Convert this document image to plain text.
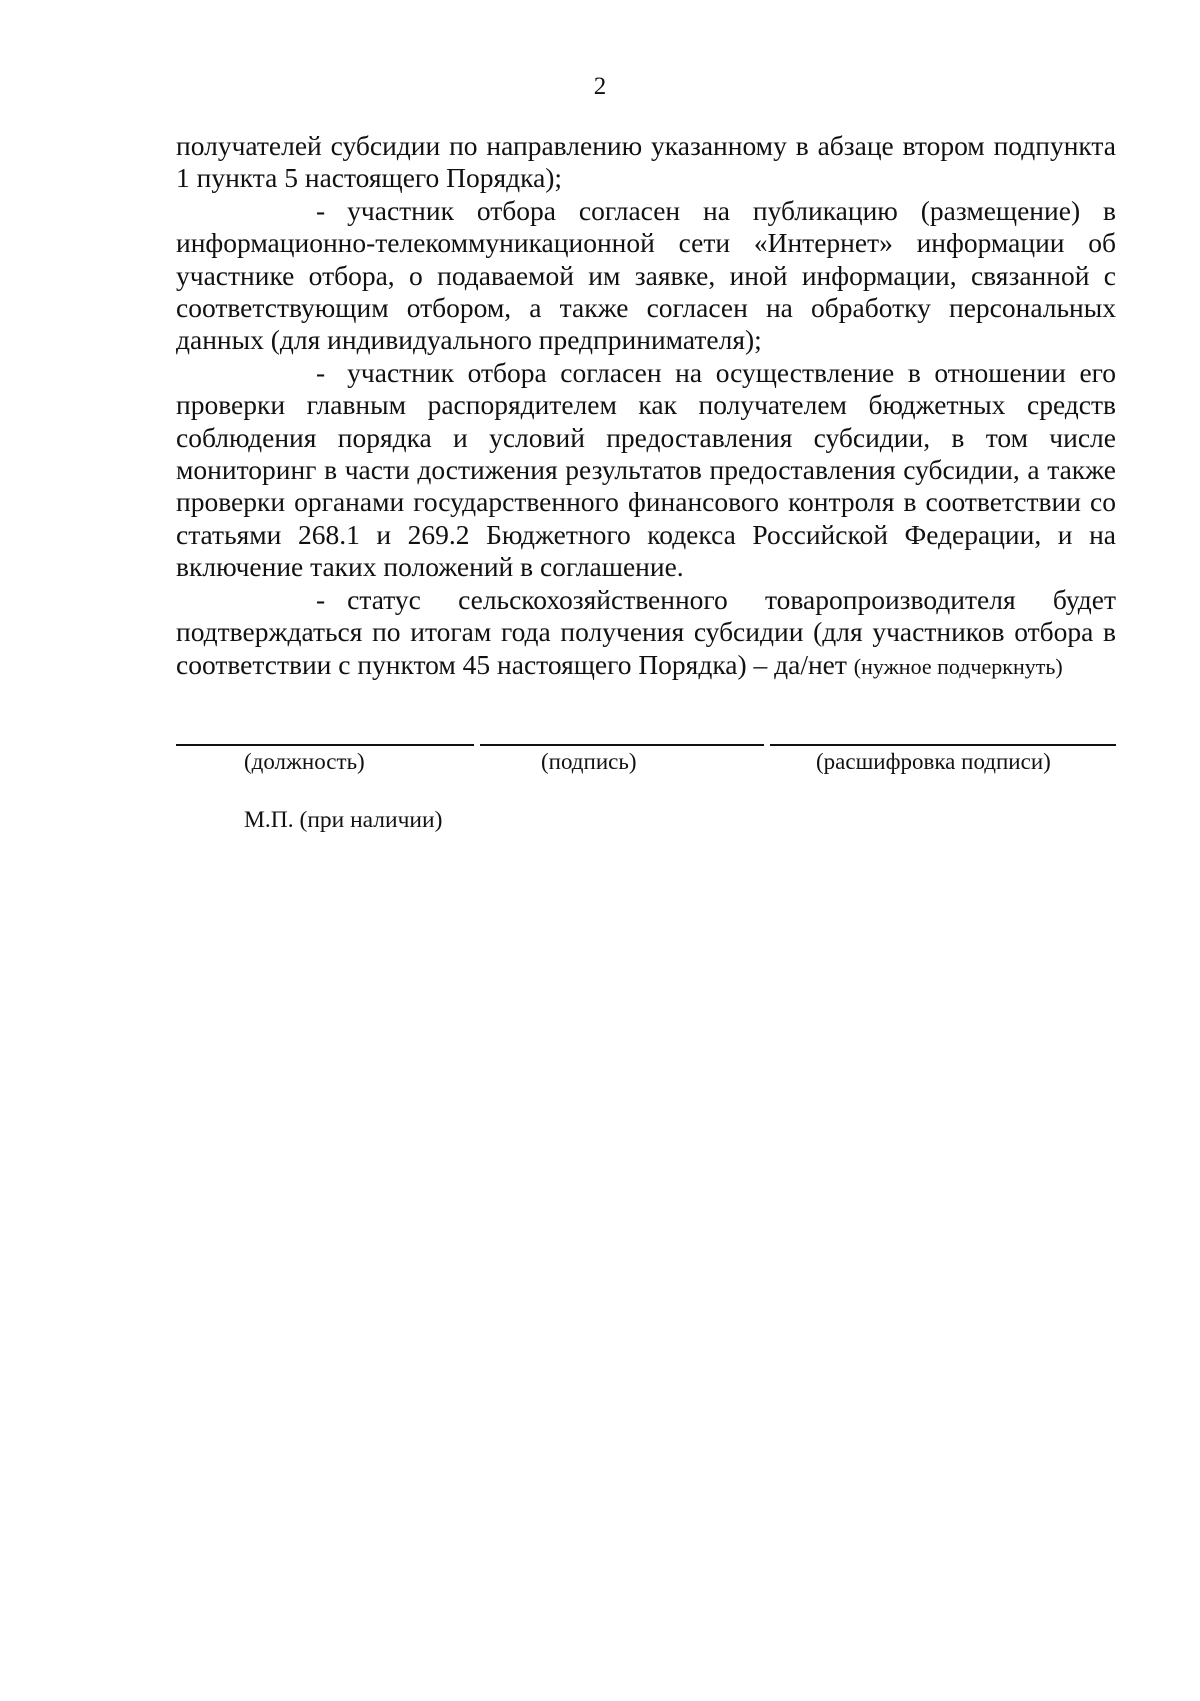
2

получателей субсидии по направлению указанному в абзаце втором подпункта 1 пункта 5 настоящего Порядка);

- участник отбора согласен на публикацию (размещение) в информационно-телекоммуникационной сети «Интернет» информации об участнике отбора, о подаваемой им заявке, иной информации, связанной с соответствующим отбором, а также согласен на обработку персональных данных (для индивидуального предпринимателя);

- участник отбора согласен на осуществление в отношении его проверки главным распорядителем как получателем бюджетных средств соблюдения порядка и условий предоставления субсидии, в том числе мониторинг в части достижения результатов предоставления субсидии, а также проверки органами государственного финансового контроля в соответствии со статьями 268.1 и 269.2 Бюджетного кодекса Российской Федерации, и на включение таких положений в соглашение.

- статус сельскохозяйственного товаропроизводителя будет подтверждаться по итогам года получения субсидии (для участников отбора в соответствии с пунктом 45 настоящего Порядка) – да/нет (нужное подчеркнуть)

(должность)	(подпись)	(расшифровка подписи)
М.П. (при наличии)
